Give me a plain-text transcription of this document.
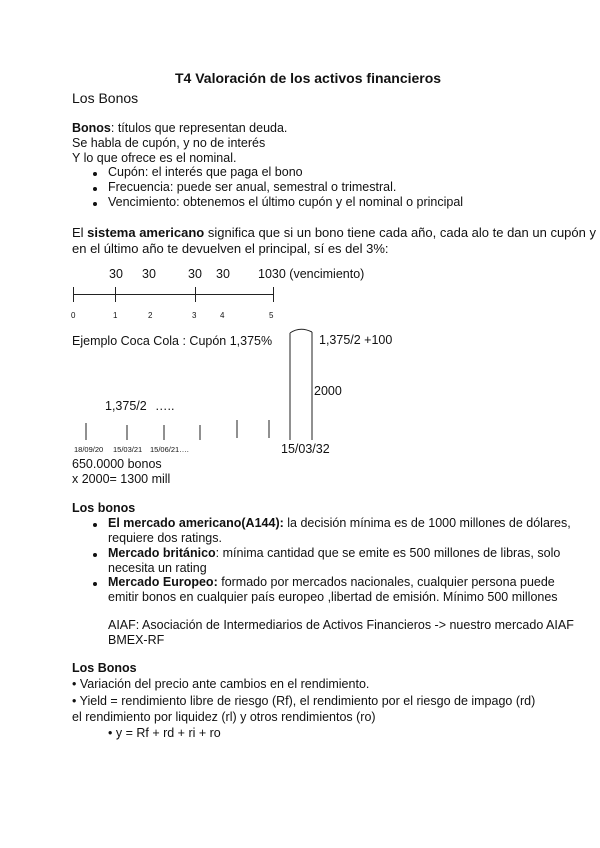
T4 Valoración de los activos financieros
Los Bonos
Bonos: títulos que representan deuda.
Se habla de cupón, y no de interés
Y lo que ofrece es el nominal.
Cupón: el interés que paga el bono
Frecuencia: puede ser anual, semestral o trimestral.
Vencimiento: obtenemos el último cupón y el nominal o principal
El sistema americano significa que si un bono tiene cada año, cada alo te dan un cupón y
en el último año te devuelven el principal, sí es del 3%:
30 30	30 30 1030 (vencimiento)
0	1	2	3	4	5
Ejemplo Coca Cola : Cupón 1,375%	1,375/2 +100
2000
1,375/2 …..
18/09/20 15/03/21 15/06/21….	15/03/32
650.0000 bonos
x 2000= 1300 mill
Los bonos
El mercado americano(A144): la decisión mínima es de 1000 millones de dólares,
requiere dos ratings.
Mercado británico: mínima cantidad que se emite es 500 millones de libras, solo
necesita un rating
Mercado Europeo: formado por mercados nacionales, cualquier persona puede
emitir bonos en cualquier país europeo ,libertad de emisión. Mínimo 500 millones
AIAF: Asociación de Intermediarios de Activos Financieros -> nuestro mercado AIAF
BMEX-RF
Los Bonos
• Variación del precio ante cambios en el rendimiento.
• Yield = rendimiento libre de riesgo (Rf), el rendimiento por el riesgo de impago (rd)
el rendimiento por liquidez (rl) y otros rendimientos (ro)
• y = Rf + rd + ri + ro
